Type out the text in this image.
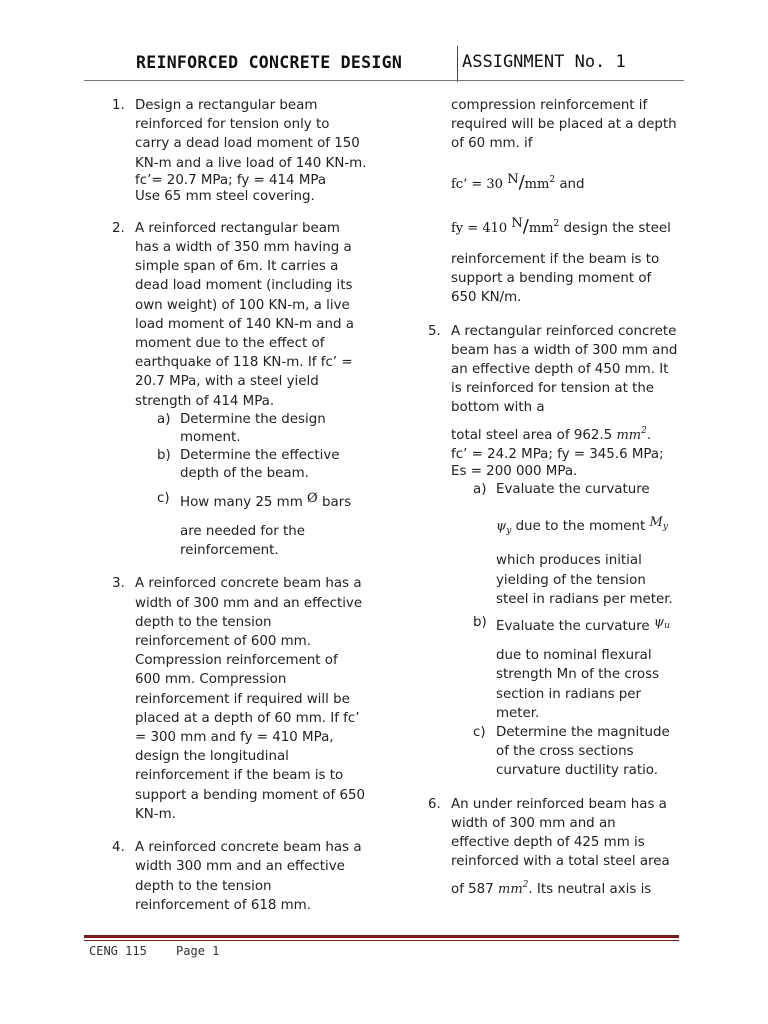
REINFORCED CONCRETE DESIGN	ASSIGNMENT No. 1
1. Design a rectangular beam reinforced for tension only to carry a dead load moment of 150 KN-m and a live load of 140 KN-m.

fc’= 20.7 MPa; fy = 414 MPa

Use 65 mm steel covering.

2. A reinforced rectangular beam has a width of 350 mm having a simple span of 6m. It carries a dead load moment (including its own weight) of 100 KN-m, a live load moment of 140 KN-m and a moment due to the effect of earthquake of 118 KN-m. If fc’ = 20.7 MPa, with a steel yield strength of 414 MPa.

a) Determine the design moment.
b) Determine the effective depth of the beam.
c) How many 25 mm Ø bars
are needed for the reinforcement.
3. A reinforced concrete beam has a width of 300 mm and an effective depth to the tension reinforcement of 600 mm. Compression reinforcement of 600 mm. Compression reinforcement if required will be placed at a depth of 60 mm. If fc’ = 300 mm and fy = 410 MPa, design the longitudinal reinforcement if the beam is to support a bending moment of 650 KN-m.

4. A reinforced concrete beam has a width 300 mm and an effective depth to the tension reinforcement of 618 mm.

compression reinforcement if required will be placed at a depth of 60 mm. if

fc’ = 30 $N/mm^2$ and
fy = 410 $N/mm^2$ design the steel

reinforcement if the beam is to support a bending moment of 650 KN/m.

5. A rectangular reinforced concrete beam has a width of 300 mm and an effective depth of 450 mm. It is reinforced for tension at the bottom with a

total steel area of 962.5 $mm^2$.

fc’ = 24.2 MPa; fy = 345.6 MPa;

Es = 200 000 MPa.

a) Evaluate the curvature
$\psi_y$ due to the moment My

which produces initial yielding of the tension steel in radians per meter.

b) Evaluate the curvature ψu

due to nominal flexural strength Mn of the cross section in radians per meter.

c) Determine the magnitude of the cross sections curvature ductility ratio.
6. An under reinforced beam has a width of 300 mm and an effective depth of 425 mm is reinforced with a total steel area

of 587 $mm^2$. Its neutral axis is
CENG 115 Page 1
